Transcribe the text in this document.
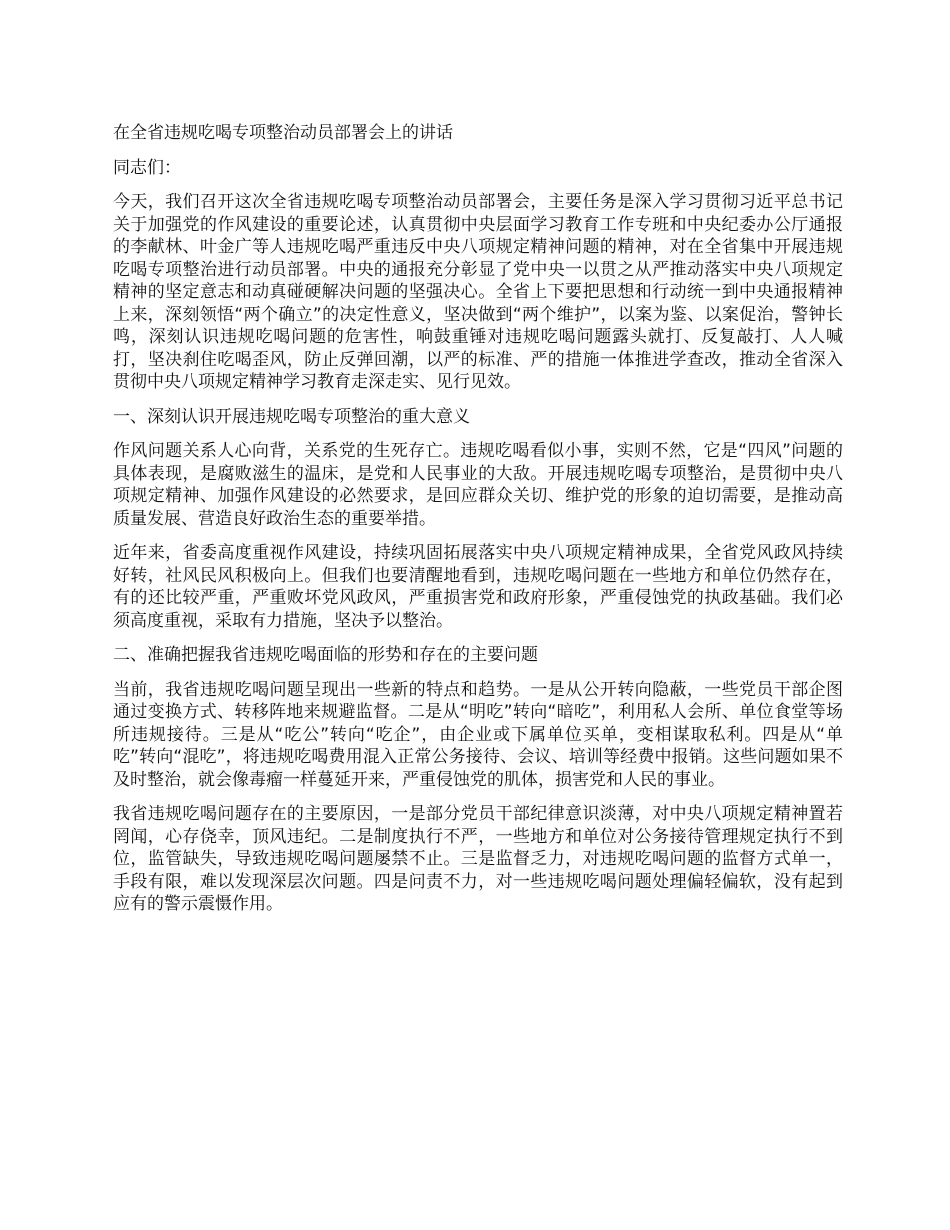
在全省违规吃喝专项整治动员部署会上的讲话

同志们：

今天，我们召开这次全省违规吃喝专项整治动员部署会，主要任务是深入学习贯彻习近平总书记关于加强党的作风建设的重要论述，认真贯彻中央层面学习教育工作专班和中央纪委办公厅通报的李献林、叶金广等人违规吃喝严重违反中央八项规定精神问题的精神，对在全省集中开展违规吃喝专项整治进行动员部署。中央的通报充分彰显了党中央一以贯之从严推动落实中央八项规定精神的坚定意志和动真碰硬解决问题的坚强决心。全省上下要把思想和行动统一到中央通报精神上来，深刻领悟“两个确立”的决定性意义，坚决做到“两个维护”，以案为鉴、以案促治，警钟长鸣，深刻认识违规吃喝问题的危害性，响鼓重锤对违规吃喝问题露头就打、反复敲打、人人喊打，坚决刹住吃喝歪风，防止反弹回潮，以严的标准、严的措施一体推进学查改，推动全省深入贯彻中央八项规定精神学习教育走深走实、见行见效。

一、深刻认识开展违规吃喝专项整治的重大意义

作风问题关系人心向背，关系党的生死存亡。违规吃喝看似小事，实则不然，它是“四风”问题的具体表现，是腐败滋生的温床，是党和人民事业的大敌。开展违规吃喝专项整治，是贯彻中央八项规定精神、加强作风建设的必然要求，是回应群众关切、维护党的形象的迫切需要，是推动高质量发展、营造良好政治生态的重要举措。

近年来，省委高度重视作风建设，持续巩固拓展落实中央八项规定精神成果，全省党风政风持续好转，社风民风积极向上。但我们也要清醒地看到，违规吃喝问题在一些地方和单位仍然存在，有的还比较严重，严重败坏党风政风，严重损害党和政府形象，严重侵蚀党的执政基础。我们必须高度重视，采取有力措施，坚决予以整治。

二、准确把握我省违规吃喝面临的形势和存在的主要问题

当前，我省违规吃喝问题呈现出一些新的特点和趋势。一是从公开转向隐蔽，一些党员干部企图通过变换方式、转移阵地来规避监督。二是从“明吃”转向“暗吃”，利用私人会所、单位食堂等场所违规接待。三是从“吃公”转向“吃企”，由企业或下属单位买单，变相谋取私利。四是从“单吃”转向“混吃”，将违规吃喝费用混入正常公务接待、会议、培训等经费中报销。这些问题如果不及时整治，就会像毒瘤一样蔓延开来，严重侵蚀党的肌体，损害党和人民的事业。

我省违规吃喝问题存在的主要原因，一是部分党员干部纪律意识淡薄，对中央八项规定精神置若罔闻，心存侥幸，顶风违纪。二是制度执行不严，一些地方和单位对公务接待管理规定执行不到位，监管缺失，导致违规吃喝问题屡禁不止。三是监督乏力，对违规吃喝问题的监督方式单一，手段有限，难以发现深层次问题。四是问责不力，对一些违规吃喝问题处理偏轻偏软，没有起到应有的警示震慑作用。
